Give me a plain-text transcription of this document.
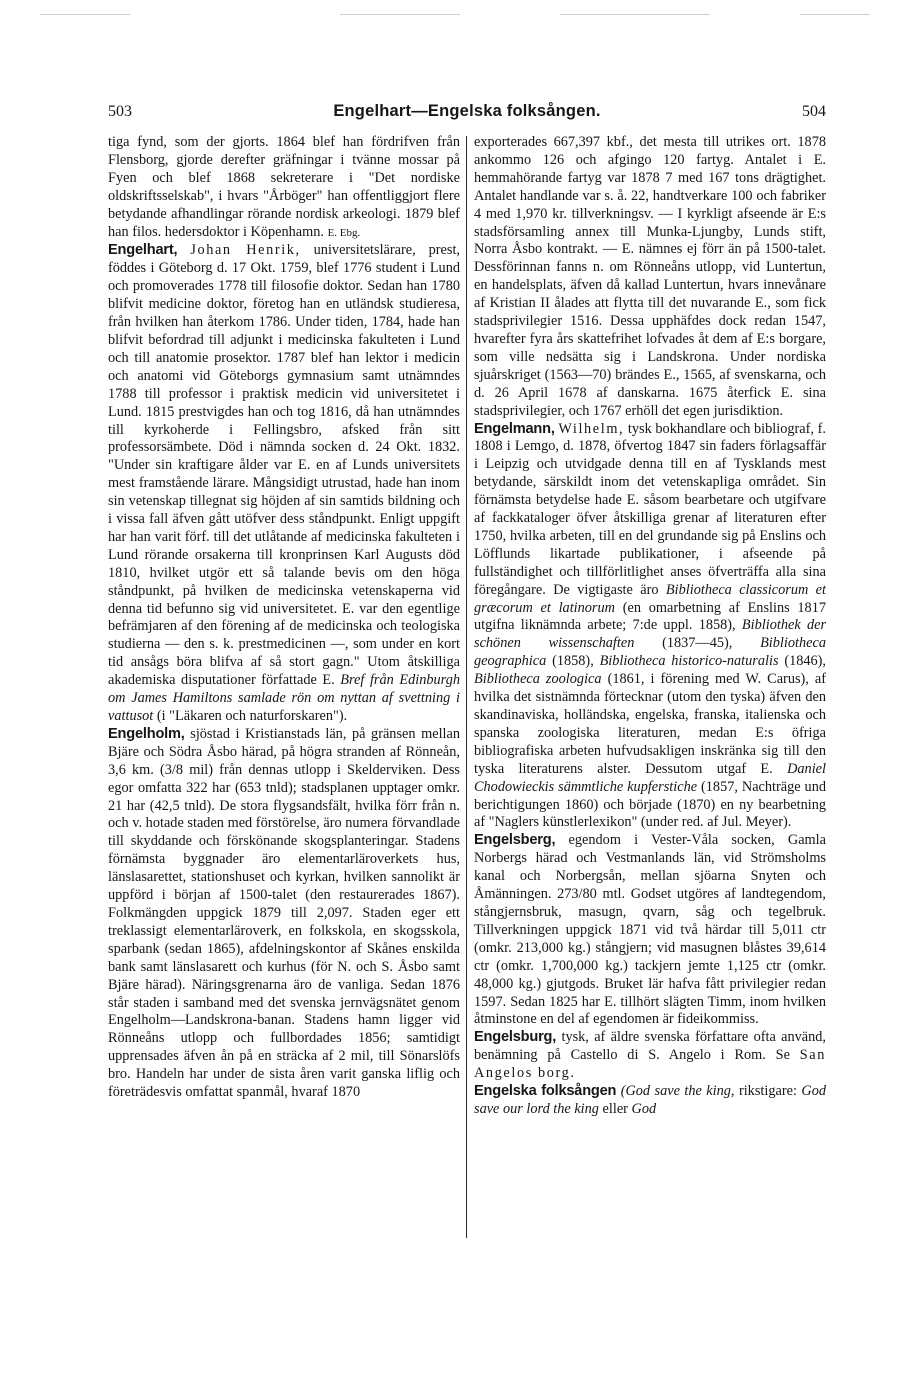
503	Engelhart—Engelska folksången.	504

tiga fynd, som der gjorts. 1864 blef han fördrifven från Flensborg, gjorde derefter gräfningar i tvänne mossar på Fyen och blef 1868 sekreterare i "Det nordiske oldskriftsselskab", i hvars "Årböger" han offentliggjort flere betydande afhandlingar rörande nordisk arkeologi. 1879 blef han filos. hedersdoktor i Köpenhamn. E. Ebg.

Engelhart, Johan Henrik, universitetslärare, prest, föddes i Göteborg d. 17 Okt. 1759, blef 1776 student i Lund och promoverades 1778 till filosofie doktor. Sedan han 1780 blifvit medicine doktor, företog han en utländsk studieresa, från hvilken han återkom 1786. Under tiden, 1784, hade han blifvit befordrad till adjunkt i medicinska fakulteten i Lund och till anatomie prosektor. 1787 blef han lektor i medicin och anatomi vid Göteborgs gymnasium samt utnämndes 1788 till professor i praktisk medicin vid universitetet i Lund. 1815 prestvigdes han och tog 1816, då han utnämndes till kyrkoherde i Fellingsbro, afsked från sitt professorsämbete. Död i nämnda socken d. 24 Okt. 1832. "Under sin kraftigare ålder var E. en af Lunds universitets mest framstående lärare. Mångsidigt utrustad, hade han inom sin vetenskap tillegnat sig höjden af sin samtids bildning och i vissa fall äfven gått utöfver dess ståndpunkt. Enligt uppgift har han varit förf. till det utlåtande af medicinska fakulteten i Lund rörande orsakerna till kronprinsen Karl Augusts död 1810, hvilket utgör ett så talande bevis om den höga ståndpunkt, på hvilken de medicinska vetenskaperna vid denna tid befunno sig vid universitetet. E. var den egentlige befrämjaren af den förening af de medicinska och teologiska studierna — den s. k. prestmedicinen —, som under en kort tid ansågs böra blifva af så stort gagn." Utom åtskilliga akademiska disputationer författade E. Bref från Edinburgh om James Hamiltons samlade rön om nyttan af svettning i vattusot (i "Läkaren och naturforskaren").

Engelholm, sjöstad i Kristianstads län, på gränsen mellan Bjäre och Södra Åsbo härad, på högra stranden af Rönneån, 3,6 km. (3/8 mil) från dennas utlopp i Skelderviken. Dess egor omfatta 322 har (653 tnld); stadsplanen upptager omkr. 21 har (42,5 tnld). De stora flygsandsfält, hvilka förr från n. och v. hotade staden med förstörelse, äro numera förvandlade till skyddande och förskönande skogsplanteringar. Stadens förnämsta byggnader äro elementarläroverkets hus, länslasarettet, stationshuset och kyrkan, hvilken sannolikt är uppförd i början af 1500-talet (den restaurerades 1867). Folkmängden uppgick 1879 till 2,097. Staden eger ett treklassigt elementarläroverk, en folkskola, en skogsskola, sparbank (sedan 1865), afdelningskontor af Skånes enskilda bank samt länslasarett och kurhus (för N. och S. Åsbo samt Bjäre härad). Näringsgrenarna äro de vanliga. Sedan 1876 står staden i samband med det svenska jernvägsnätet genom Engelholm—Landskrona-banan. Stadens hamn ligger vid Rönneåns utlopp och fullbordades 1856; samtidigt upprensades äfven ån på en sträcka af 2 mil, till Sönarslöfs bro. Handeln har under de sista åren varit ganska liflig och företrädesvis omfattat spanmål, hvaraf 1870

exporterades 667,397 kbf., det mesta till utrikes ort. 1878 ankommo 126 och afgingo 120 fartyg. Antalet i E. hemmahörande fartyg var 1878 7 med 167 tons drägtighet. Antalet handlande var s. å. 22, handtverkare 100 och fabriker 4 med 1,970 kr. tillverkningsv. — I kyrkligt afseende är E:s stadsförsamling annex till Munka-Ljungby, Lunds stift, Norra Åsbo kontrakt. — E. nämnes ej förr än på 1500-talet. Dessförinnan fanns n. om Rönneåns utlopp, vid Luntertun, en handelsplats, äfven då kallad Luntertun, hvars innevånare af Kristian II ålades att flytta till det nuvarande E., som fick stadsprivilegier 1516. Dessa upphäfdes dock redan 1547, hvarefter fyra års skattefrihet lofvades åt dem af E:s borgare, som ville nedsätta sig i Landskrona. Under nordiska sjuårskriget (1563—70) brändes E., 1565, af svenskarna, och d. 26 April 1678 af danskarna. 1675 återfick E. sina stadsprivilegier, och 1767 erhöll det egen jurisdiktion.

Engelmann, Wilhelm, tysk bokhandlare och bibliograf, f. 1808 i Lemgo, d. 1878, öfvertog 1847 sin faders förlagsaffär i Leipzig och utvidgade denna till en af Tysklands mest betydande, särskildt inom det vetenskapliga området. Sin förnämsta betydelse hade E. såsom bearbetare och utgifvare af fackkataloger öfver åtskilliga grenar af literaturen efter 1750, hvilka arbeten, till en del grundande sig på Enslins och Löfflunds likartade publikationer, i afseende på fullständighet och tillförlitlighet anses öfverträffa alla sina föregångare. De vigtigaste äro Bibliotheca classicorum et græcorum et latinorum (en omarbetning af Enslins 1817 utgifna liknämnda arbete; 7:de uppl. 1858), Bibliothek der schönen wissenschaften (1837—45), Bibliotheca geographica (1858), Bibliotheca historico-naturalis (1846), Bibliotheca zoologica (1861, i förening med W. Carus), af hvilka det sistnämnda förtecknar (utom den tyska) äfven den skandinaviska, holländska, engelska, franska, italienska och spanska zoologiska literaturen, medan E:s öfriga bibliografiska arbeten hufvudsakligen inskränka sig till den tyska literaturens alster. Dessutom utgaf E. Daniel Chodowieckis sämmtliche kupferstiche (1857, Nachträge und berichtigungen 1860) och började (1870) en ny bearbetning af "Naglers künstlerlexikon" (under red. af Jul. Meyer).

Engelsberg, egendom i Vester-Våla socken, Gamla Norbergs härad och Vestmanlands län, vid Strömsholms kanal och Norbergsån, mellan sjöarna Snyten och Åmänningen. 273/80 mtl. Godset utgöres af landtegendom, stångjernsbruk, masugn, qvarn, såg och tegelbruk. Tillverkningen uppgick 1871 vid två härdar till 5,011 ctr (omkr. 213,000 kg.) stångjern; vid masugnen blåstes 39,614 ctr (omkr. 1,700,000 kg.) tackjern jemte 1,125 ctr (omkr. 48,000 kg.) gjutgods. Bruket lär hafva fått privilegier redan 1597. Sedan 1825 har E. tillhört slägten Timm, inom hvilken åtminstone en del af egendomen är fideikommiss.

Engelsburg, tysk, af äldre svenska författare ofta använd, benämning på Castello di S. Angelo i Rom. Se San Angelos borg.

Engelska folksången (God save the king, rikstigare: God save our lord the king eller God
